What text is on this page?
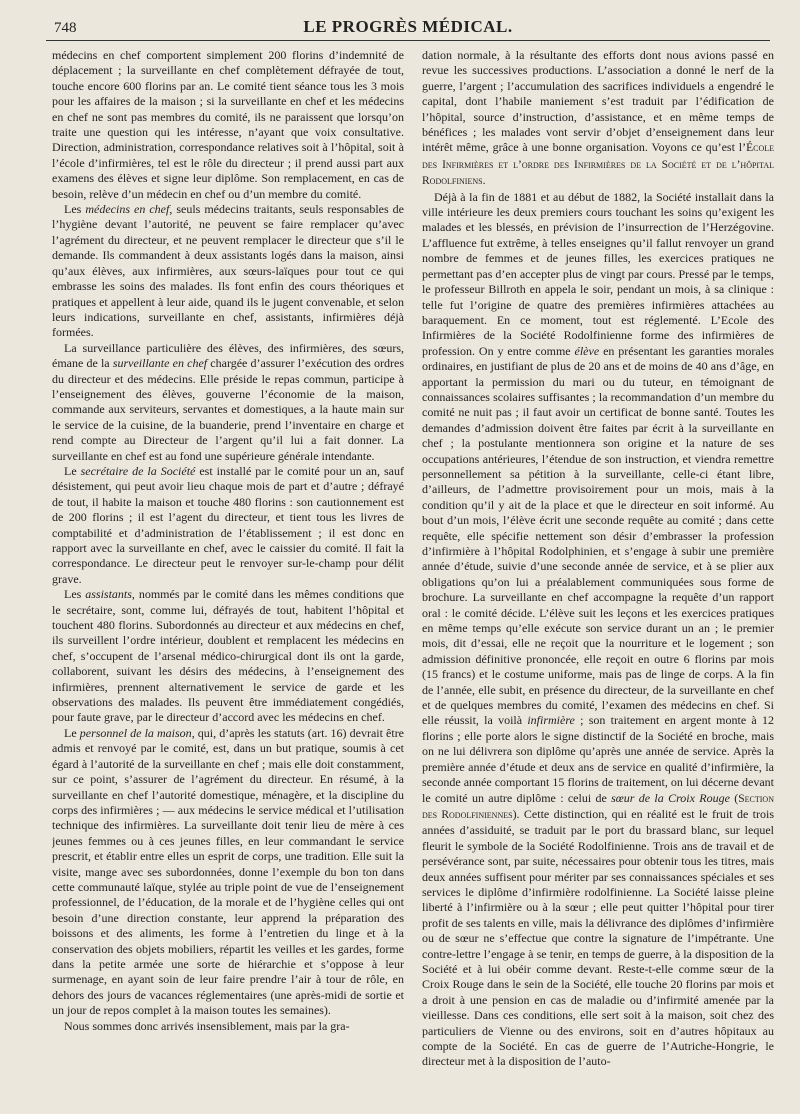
748	LE PROGRÈS MÉDICAL.

médecins en chef comportent simplement 200 florins d’indemnité de déplacement ; la surveillante en chef complètement défrayée de tout, touche encore 600 florins par an. Le comité tient séance tous les 3 mois pour les affaires de la maison ; si la surveillante en chef et les médecins en chef ne sont pas membres du comité, ils ne paraissent que lorsqu’on traite une question qui les intéresse, n’ayant que voix consultative. Direction, administration, correspondance relatives soit à l’hôpital, soit à l’école d’infirmières, tel est le rôle du directeur ; il prend aussi part aux examens des élèves et signe leur diplôme. Son remplacement, en cas de besoin, relève d’un médecin en chef ou d’un membre du comité.

Les médecins en chef, seuls médecins traitants, seuls responsables de l’hygiène devant l’autorité, ne peuvent se faire remplacer qu’avec l’agrément du directeur, et ne peuvent remplacer le directeur que s’il le demande. Ils commandent à deux assistants logés dans la maison, ainsi qu’aux élèves, aux infirmières, aux sœurs-laïques pour tout ce qui embrasse les soins des malades. Ils font enfin des cours théoriques et pratiques et appellent à leur aide, quand ils le jugent convenable, et selon leurs indications, surveillante en chef, assistants, infirmières déjà formées.

La surveillance particulière des élèves, des infirmières, des sœurs, émane de la surveillante en chef chargée d’assurer l’exécution des ordres du directeur et des médecins. Elle préside le repas commun, participe à l’enseignement des élèves, gouverne l’économie de la maison, commande aux serviteurs, servantes et domestiques, a la haute main sur le service de la cuisine, de la buanderie, prend l’inventaire en charge et rend compte au Directeur de l’argent qu’il lui a fait donner. La surveillante en chef est au fond une supérieure générale intendante.

Le secrétaire de la Société est installé par le comité pour un an, sauf désistement, qui peut avoir lieu chaque mois de part et d’autre ; défrayé de tout, il habite la maison et touche 480 florins : son cautionnement est de 200 florins ; il est l’agent du directeur, et tient tous les livres de comptabilité et d’administration de l’établissement ; il est donc en rapport avec la surveillante en chef, avec le caissier du comité. Il fait la correspondance. Le directeur peut le renvoyer sur-le-champ pour délit grave.

Les assistants, nommés par le comité dans les mêmes conditions que le secrétaire, sont, comme lui, défrayés de tout, habitent l’hôpital et touchent 480 florins. Subordonnés au directeur et aux médecins en chef, ils surveillent l’ordre intérieur, doublent et remplacent les médecins en chef, s’occupent de l’arsenal médico-chirurgical dont ils ont la garde, collaborent, suivant les désirs des médecins, à l’enseignement des infirmières, prennent alternativement le service de garde et les observations des malades. Ils peuvent être immédiatement congédiés, pour faute grave, par le directeur d’accord avec les médecins en chef.

Le personnel de la maison, qui, d’après les statuts (art. 16) devrait être admis et renvoyé par le comité, est, dans un but pratique, soumis à cet égard à l’autorité de la surveillante en chef ; mais elle doit constamment, sur ce point, s’assurer de l’agrément du directeur. En résumé, à la surveillante en chef l’autorité domestique, ménagère, et la discipline du corps des infirmières ; — aux médecins le service médical et l’utilisation technique des infirmières. La surveillante doit tenir lieu de mère à ces jeunes femmes ou à ces jeunes filles, en leur commandant le service prescrit, et établir entre elles un esprit de corps, une tradition. Elle suit la visite, mange avec ses subordonnées, donne l’exemple du bon ton dans cette communauté laïque, stylée au triple point de vue de l’enseignement professionnel, de l’éducation, de la morale et de l’hygiène celles qui ont besoin d’une direction constante, leur apprend la préparation des boissons et des aliments, les forme à l’entretien du linge et à la conservation des objets mobiliers, répartit les veilles et les gardes, forme dans la petite armée une sorte de hiérarchie et s’oppose à leur surmenage, en ayant soin de leur faire prendre l’air à tour de rôle, en dehors des jours de vacances réglementaires (une après-midi de sortie et un jour de repos complet à la maison toutes les semaines).

Nous sommes donc arrivés insensiblement, mais par la gra-

dation normale, à la résultante des efforts dont nous avions passé en revue les successives productions. L’association a donné le nerf de la guerre, l’argent ; l’accumulation des sacrifices individuels a engendré le capital, dont l’habile maniement s’est traduit par l’édification de l’hôpital, source d’instruction, d’assistance, et en même temps de bénéfices ; les malades vont servir d’objet d’enseignement dans leur intérêt même, grâce à une bonne organisation. Voyons ce qu’est l’École des Infirmières et l’ordre des Infirmières de la Société et de l’hôpital Rodolfiniens.

Déjà à la fin de 1881 et au début de 1882, la Société installait dans la ville intérieure les deux premiers cours touchant les soins qu’exigent les malades et les blessés, en prévision de l’insurrection de l’Herzégovine. L’affluence fut extrême, à telles enseignes qu’il fallut renvoyer un grand nombre de femmes et de jeunes filles, les exercices pratiques ne permettant pas d’en accepter plus de vingt par cours. Pressé par le temps, le professeur Billroth en appela le soir, pendant un mois, à sa clinique : telle fut l’origine de quatre des premières infirmières attachées au baraquement. En ce moment, tout est réglementé. L’Ecole des Infirmières de la Société Rodolfinienne forme des infirmières de profession. On y entre comme élève en présentant les garanties morales ordinaires, en justifiant de plus de 20 ans et de moins de 40 ans d’âge, en apportant la permission du mari ou du tuteur, en témoignant de connaissances scolaires suffisantes ; la recommandation d’un membre du comité ne nuit pas ; il faut avoir un certificat de bonne santé. Toutes les demandes d’admission doivent être faites par écrit à la surveillante en chef ; la postulante mentionnera son origine et la nature de ses occupations antérieures, l’étendue de son instruction, et viendra remettre personnellement sa pétition à la surveillante, celle-ci étant libre, d’ailleurs, de l’admettre provisoirement pour un mois, mais à la condition qu’il y ait de la place et que le directeur en soit informé. Au bout d’un mois, l’élève écrit une seconde requête au comité ; dans cette requête, elle spécifie nettement son désir d’embrasser la profession d’infirmière à l’hôpital Rodolphinien, et s’engage à subir une première année d’étude, suivie d’une seconde année de service, et à se plier aux obligations qu’on lui a préalablement communiquées sous forme de brochure. La surveillante en chef accompagne la requête d’un rapport oral : le comité décide. L’élève suit les leçons et les exercices pratiques en même temps qu’elle exécute son service durant un an ; le premier mois, dit d’essai, elle ne reçoit que la nourriture et le logement ; son admission définitive prononcée, elle reçoit en outre 6 florins par mois (15 francs) et le costume uniforme, mais pas de linge de corps. A la fin de l’année, elle subit, en présence du directeur, de la surveillante en chef et de quelques membres du comité, l’examen des médecins en chef. Si elle réussit, la voilà infirmière ; son traitement en argent monte à 12 florins ; elle porte alors le signe distinctif de la Société en broche, mais on ne lui délivrera son diplôme qu’après une année de service. Après la première année d’étude et deux ans de service en qualité d’infirmière, la seconde année comportant 15 florins de traitement, on lui décerne devant le comité un autre diplôme : celui de sœur de la Croix Rouge (Section des Rodolfiniennes). Cette distinction, qui en réalité est le fruit de trois années d’assiduité, se traduit par le port du brassard blanc, sur lequel fleurit le symbole de la Société Rodolfinienne. Trois ans de travail et de persévérance sont, par suite, nécessaires pour obtenir tous les titres, mais deux années suffisent pour mériter par ses connaissances spéciales et ses services le diplôme d’infirmière rodolfinienne. La Société laisse pleine liberté à l’infirmière ou à la sœur ; elle peut quitter l’hôpital pour tirer profit de ses talents en ville, mais la délivrance des diplômes d’infirmière ou de sœur ne s’effectue que contre la signature de l’impétrante. Une contre-lettre l’engage à se tenir, en temps de guerre, à la disposition de la Société et à lui obéir comme devant. Reste-t-elle comme sœur de la Croix Rouge dans le sein de la Société, elle touche 20 florins par mois et a droit à une pension en cas de maladie ou d’infirmité amenée par la vieillesse. Dans ces conditions, elle sert soit à la maison, soit chez des particuliers de Vienne ou des environs, soit en d’autres hôpitaux au compte de la Société. En cas de guerre de l’Autriche-Hongrie, le directeur met à la disposition de l’auto-
